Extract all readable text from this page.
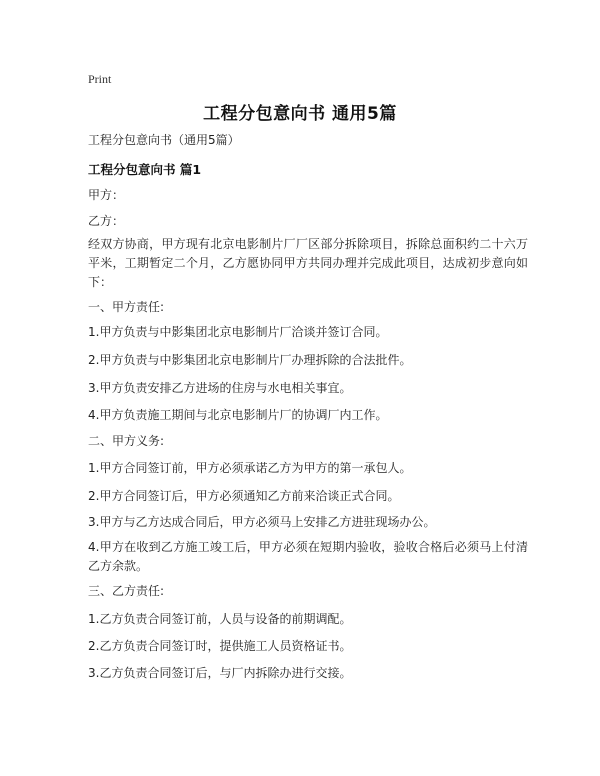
Print
工程分包意向书 通用5篇
工程分包意向书（通用5篇）
工程分包意向书 篇1
甲方：
乙方：
经双方协商，甲方现有北京电影制片厂厂区部分拆除项目，拆除总面积约二十六万平米，工期暂定二个月，乙方愿协同甲方共同办理并完成此项目，达成初步意向如下：
一、甲方责任:
1.甲方负责与中影集团北京电影制片厂洽谈并签订合同。
2.甲方负责与中影集团北京电影制片厂办理拆除的合法批件。
3.甲方负责安排乙方进场的住房与水电相关事宜。
4.甲方负责施工期间与北京电影制片厂的协调厂内工作。
二、甲方义务:
1.甲方合同签订前，甲方必须承诺乙方为甲方的第一承包人。
2.甲方合同签订后，甲方必须通知乙方前来洽谈正式合同。
3.甲方与乙方达成合同后，甲方必须马上安排乙方进驻现场办公。
4.甲方在收到乙方施工竣工后，甲方必须在短期内验收，验收合格后必须马上付清乙方余款。
三、乙方责任:
1.乙方负责合同签订前，人员与设备的前期调配。
2.乙方负责合同签订时，提供施工人员资格证书。
3.乙方负责合同签订后，与厂内拆除办进行交接。
